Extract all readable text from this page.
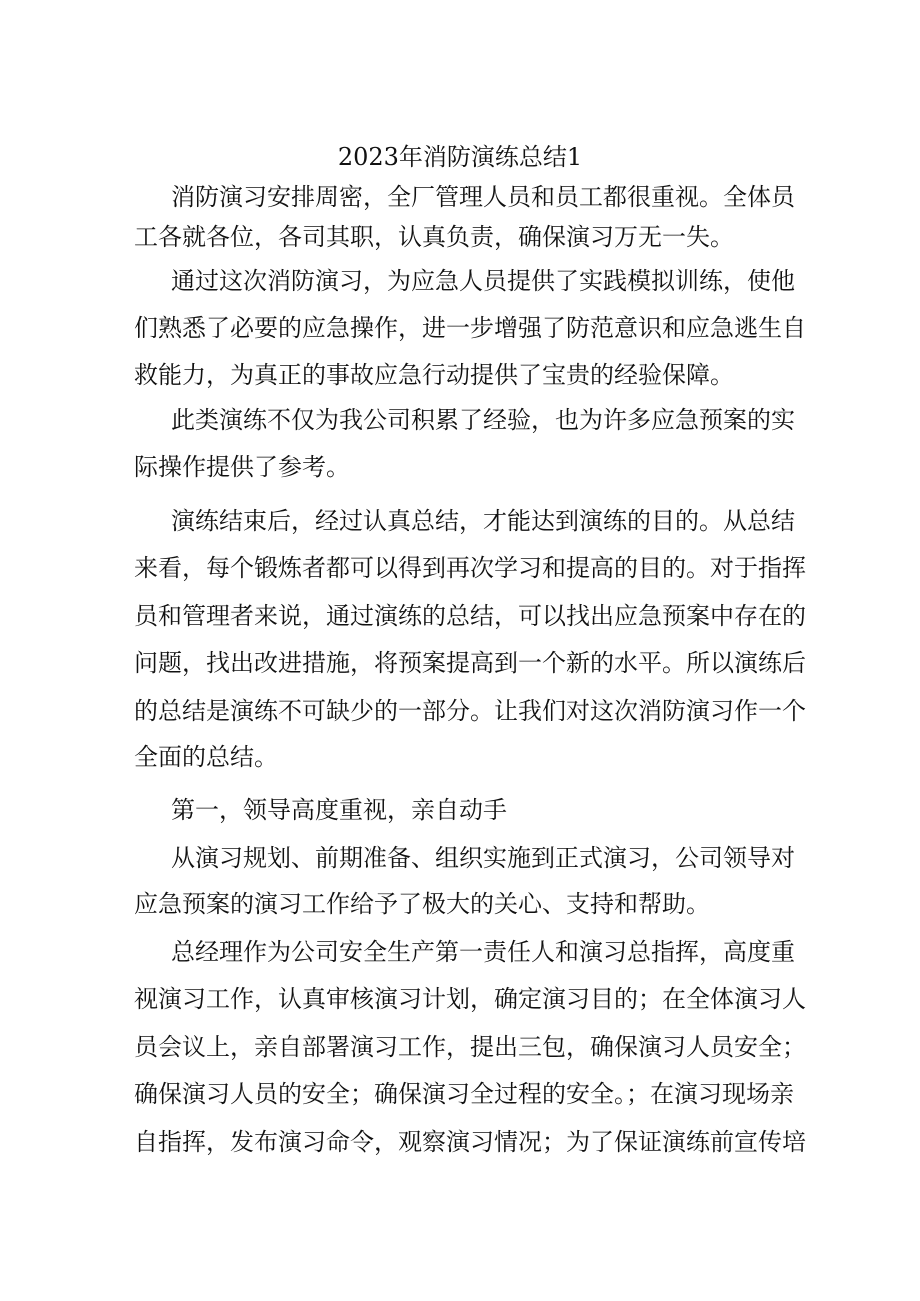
2023年消防演练总结1
消防演习安排周密，全厂管理人员和员工都很重视。全体员
工各就各位，各司其职，认真负责，确保演习万无一失。
通过这次消防演习，为应急人员提供了实践模拟训练，使他
们熟悉了必要的应急操作，进一步增强了防范意识和应急逃生自
救能力，为真正的事故应急行动提供了宝贵的经验保障。
此类演练不仅为我公司积累了经验，也为许多应急预案的实
际操作提供了参考。
演练结束后，经过认真总结，才能达到演练的目的。从总结
来看，每个锻炼者都可以得到再次学习和提高的目的。对于指挥
员和管理者来说，通过演练的总结，可以找出应急预案中存在的
问题，找出改进措施，将预案提高到一个新的水平。所以演练后
的总结是演练不可缺少的一部分。让我们对这次消防演习作一个
全面的总结。
第一，领导高度重视，亲自动手
从演习规划、前期准备、组织实施到正式演习，公司领导对
应急预案的演习工作给予了极大的关心、支持和帮助。
总经理作为公司安全生产第一责任人和演习总指挥，高度重
视演习工作，认真审核演习计划，确定演习目的；在全体演习人
员会议上，亲自部署演习工作，提出三包，确保演习人员安全；
确保演习人员的安全；确保演习全过程的安全。；在演习现场亲
自指挥，发布演习命令，观察演习情况；为了保证演练前宣传培
